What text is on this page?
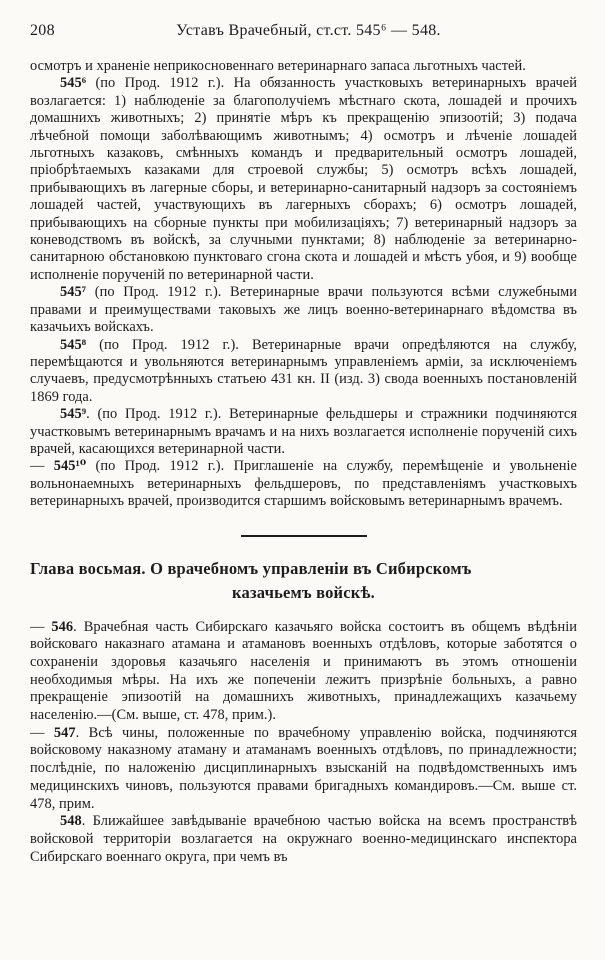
208	Уставъ Врачебный, ст.ст. 545⁶ — 548.

осмотръ и храненіе неприкосновеннаго ветеринарнаго запаса льготныхъ частей.

545⁶ (по Прод. 1912 г.). На обязанность участковыхъ ветеринарныхъ врачей возлагается: 1) наблюденіе за благополучіемъ мѣстнаго скота, лошадей и прочихъ домашнихъ животныхъ; 2) принятіе мѣръ къ прекращенію эпизоотій; 3) подача лѣчебной помощи заболѣвающимъ животнымъ; 4) осмотръ и лѣченіе лошадей льготныхъ казаковъ, смѣнныхъ командъ и предварительный осмотръ лошадей, пріобрѣтаемыхъ казаками для строевой службы; 5) осмотръ всѣхъ лошадей, прибывающихъ въ лагерные сборы, и ветеринарно-санитарный надзоръ за состояніемъ лошадей частей, участвующихъ въ лагерныхъ сборахъ; 6) осмотръ лошадей, прибывающихъ на сборные пункты при мобилизаціяхъ; 7) ветеринарный надзоръ за коневодствомъ въ войскѣ, за случными пунктами; 8) наблюденіе за ветеринарно-санитарною обстановкою пунктоваго сгона скота и лошадей и мѣстъ убоя, и 9) вообще исполненіе порученій по ветеринарной части.

545⁷ (по Прод. 1912 г.). Ветеринарные врачи пользуются всѣми служебными правами и преимуществами таковыхъ же лицъ военно-ветеринарнаго вѣдомства въ казачьихъ войскахъ.

545⁸ (по Прод. 1912 г.). Ветеринарные врачи опредѣляются на службу, перемѣщаются и увольняются ветеринарнымъ управленіемъ арміи, за исключеніемъ случаевъ, предусмотрѣнныхъ статьею 431 кн. II (изд. 3) свода военныхъ постановленій 1869 года.

545⁹. (по Прод. 1912 г.). Ветеринарные фельдшеры и стражники подчиняются участковымъ ветеринарнымъ врачамъ и на нихъ возлагается исполненіе порученій сихъ врачей, касающихся ветеринарной части.

— 545¹⁰ (по Прод. 1912 г.). Приглашеніе на службу, перемѣщеніе и увольненіе вольнонаемныхъ ветеринарныхъ фельдшеровъ, по представленіямъ участковыхъ ветеринарныхъ врачей, производится старшимъ войсковымъ ветеринарнымъ врачемъ.

Глава восьмая. О врачебномъ управленіи въ Сибирскомъ
казачьемъ войскѣ.

— 546. Врачебная часть Сибирскаго казачьяго войска состоитъ въ общемъ вѣдѣніи войсковаго наказнаго атамана и атамановъ военныхъ отдѣловъ, которые заботятся о сохраненіи здоровья казачьяго населенія и принимаютъ въ этомъ отношеніи необходимыя мѣры. На ихъ же попеченіи лежитъ призрѣніе больныхъ, а равно прекращеніе эпизоотій на домашнихъ животныхъ, принадлежащихъ казачьему населенію.—(См. выше, ст. 478, прим.).

— 547. Всѣ чины, положенные по врачебному управленію войска, подчиняются войсковому наказному атаману и атаманамъ военныхъ отдѣловъ, по принадлежности; послѣдніе, по наложенію дисциплинарныхъ взысканій на подвѣдомственныхъ имъ медицинскихъ чиновъ, пользуются правами бригадныхъ командировъ.—См. выше ст. 478, прим.

548. Ближайшее завѣдываніе врачебною частью войска на всемъ пространствѣ войсковой территоріи возлагается на окружнаго военно-медицинскаго инспектора Сибирскаго военнаго округа, при чемъ въ
